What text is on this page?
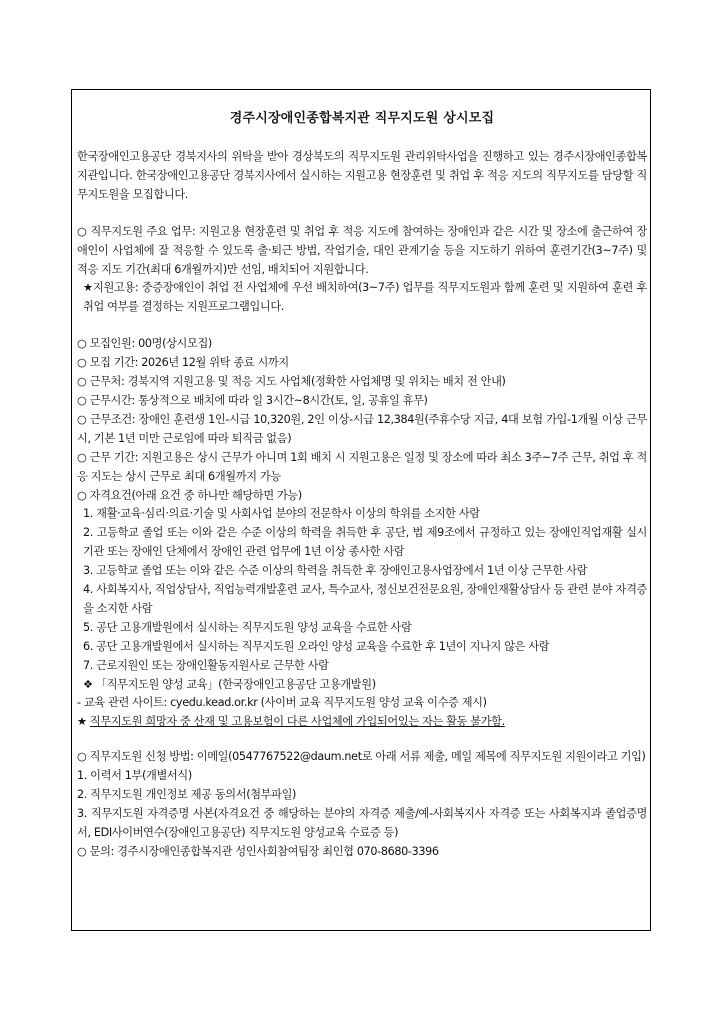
경주시장애인종합복지관 직무지도원 상시모집

한국장애인고용공단 경북지사의 위탁을 받아 경상북도의 직무지도원 관리위탁사업을 진행하고 있는 경주시장애인종합복지관입니다. 한국장애인고용공단 경북지사에서 실시하는 지원고용 현장훈련 및 취업 후 적응 지도의 직무지도를 담당할 직무지도원을 모집합니다.

○ 직무지도원 주요 업무: 지원고용 현장훈련 및 취업 후 적응 지도에 참여하는 장애인과 같은 시간 및 장소에 출근하여 장애인이 사업체에 잘 적응할 수 있도록 출·퇴근 방법, 작업기술, 대인 관계기술 등을 지도하기 위하여 훈련기간(3~7주) 및 적응 지도 기간(최대 6개월까지)만 선임, 배치되어 지원합니다.

★지원고용: 중증장애인이 취업 전 사업체에 우선 배치하여(3~7주) 업무를 직무지도원과 함께 훈련 및 지원하여 훈련 후 취업 여부를 결정하는 지원프로그램입니다.

○ 모집인원: 00명(상시모집)

○ 모집 기간: 2026년 12월 위탁 종료 시까지

○ 근무처: 경북지역 지원고용 및 적응 지도 사업체(정확한 사업체명 및 위치는 배치 전 안내)

○ 근무시간: 통상적으로 배치에 따라 일 3시간~8시간(토, 일, 공휴일 휴무)

○ 근무조건: 장애인 훈련생 1인-시급 10,320원, 2인 이상-시급 12,384원(주휴수당 지급, 4대 보험 가입-1개월 이상 근무 시, 기본 1년 미만 근로임에 따라 퇴직금 없음)

○ 근무 기간: 지원고용은 상시 근무가 아니며 1회 배치 시 지원고용은 일정 및 장소에 따라 최소 3주~7주 근무, 취업 후 적응 지도는 상시 근무로 최대 6개월까지 가능

○ 자격요건(아래 요건 중 하나만 해당하면 가능)

1. 재활·교육·심리·의료·기술 및 사회사업 분야의 전문학사 이상의 학위를 소지한 사람

2. 고등학교 졸업 또는 이와 같은 수준 이상의 학력을 취득한 후 공단, 법 제9조에서 규정하고 있는 장애인직업재활 실시 기관 또는 장애인 단체에서 장애인 관련 업무에 1년 이상 종사한 사람

3. 고등학교 졸업 또는 이와 같은 수준 이상의 학력을 취득한 후 장애인고용사업장에서 1년 이상 근무한 사람

4. 사회복지사, 직업상담사, 직업능력개발훈련 교사, 특수교사, 정신보건전문요원, 장애인재활상담사 등 관련 분야 자격증을 소지한 사람

5. 공단 고용개발원에서 실시하는 직무지도원 양성 교육을 수료한 사람

6. 공단 고용개발원에서 실시하는 직무지도원 오라인 양성 교육을 수료한 후 1년이 지나지 않은 사람

7. 근로지원인 또는 장애인활동지원사로 근무한 사람

❖ 「직무지도원 양성 교육」(한국장애인고용공단 고용개발원)

- 교육 관련 사이트: cyedu.kead.or.kr (사이버 교육 직무지도원 양성 교육 이수증 제시)

★ 직무지도원 희망자 중 산재 및 고용보험이 다른 사업체에 가입되어있는 자는 활동 불가함.

○ 직무지도원 신청 방법: 이메일(0547767522@daum.net로 아래 서류 제출, 메일 제목에 직무지도원 지원이라고 기입)

1. 이력서 1부(개별서식)

2. 직무지도원 개인정보 제공 동의서(첨부파일)

3. 직무지도원 자격증명 사본(자격요건 중 해당하는 분야의 자격증 제출/예-사회복지사 자격증 또는 사회복지과 졸업증명서, EDI사이버연수(장애인고용공단) 직무지도원 양성교육 수료증 등)

○ 문의: 경주시장애인종합복지관 성인사회참여팀장 최인협 070-8680-3396
